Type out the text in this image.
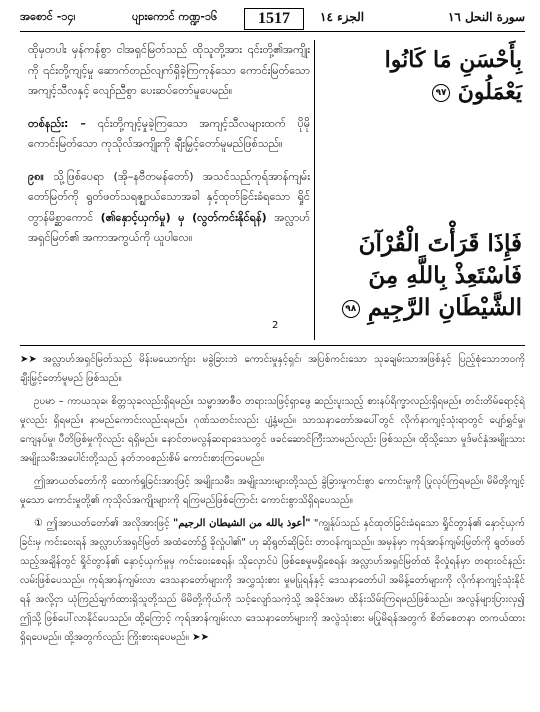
အစောင် -၁၄၊	ပျားကောင် ကဏ္ဍ-၁၆	1517	الجزء ١٤	سورة النحل ١٦

ထိုမှတပါး မှန်ကန်စွာ ငါအရှင်မြတ်သည် ထိုသူတို့အား ၎င်းတို့၏အကျိုးကို ၎င်းတို့ကျင့်မှု ဆောက်တည်လျက်ရှိခဲ့ကြကုန်သော ကောင်းမြတ်သော အကျင့်သီလနှင့် လျော်ညီစွာ ပေးဆပ်တော်မူပေမည်။

တစ်နည်း: – ၎င်းတို့ကျင့်မှုခဲ့ကြသော အကျင့်သီလများထက် ပိုမိုကောင်းမြတ်သော ကုသိုလ်အကျိုးကို ချီးမြှင့်တော်မူမည်ဖြစ်သည်။

၉၈။ သို့ဖြစ်ပေရာ (အို–နဗီတမန်တော်) အသင်သည်ကုရ်အာန်ကျမ်းတော်မြတ်ကို ရွတ်ဖတ်သရဇ္ဈာယ်သောအခါ နှင့်ထုတ်ခြင်းခံရသော ရှိုင်တွာန်မိစ္ဆာကောင် (၏နှောင့်ယှက်မှု) မှ (လွတ်ကင်းနိုင်ရန်) အလ္လာဟ်အရှင်မြတ်၏ အကာအကွယ်ကို ယူပါလေ။

بِأَحْسَنِ مَا كَانُوا
يَعْمَلُونَ ٩٧
فَإِذَا قَرَأْتَ الْقُرْآنَ
فَاسْتَعِذْ بِاللَّهِ مِنَ
الشَّيْطَانِ الرَّجِيمِ ٩٨
2

➤➤ အလ္လာဟ်အရှင်မြတ်သည် မိန်းမယောက်ျား မခွဲခြားဘဲ ကောင်းမှုနှင့်ရှင်၊ အပြစ်ကင်းသော သုခချမ်းသာအဖြစ်နှင့် ပြည့်စုံသောဘဝကို ချီးမြှင့်တော်မူမည် ဖြစ်သည်။

ဥပမာ – ကာယသုခ၊ စိတ္တသုခလည်းရှိရမည်။ သမ္မာအာဇီဝ တရားသဖြင့်ရှာဖွေ ဆည်းပူးသည့် စားနပ်ရိက္ခာလည်းရှိရမည်။ တင်းတိမ်ရောင့်ရဲမှုလည်း ရှိရမည်။ နာမည်ကောင်းလည်းရမည်။ ဂုဏ်သတင်းလည်း ပျံ့နှံ့မည်။ သာသနာတော်အပေါ်တွင် လိုက်နာကျင့်သုံးရာတွင် ပျော်ရွှင်မှု၊ ကျေနပ်မှု၊ ပီတိဖြစ်မှုကိုလည်း ရရှိမည်။ နောင်တမလွန်ဆရာဒေသတွင် ဖခင်ဆောင်ကြီးသာမည်လည်း ဖြစ်သည်။ ထိုသို့သော မှုဒ်မင်နှံအမျိုးသား အမျိုးသမီးအပေါင်းတို့သည် နတ်ဘဝစည်းစိမ် ကောင်းစားကြပေမည်။

ဤအာယတ်တော်ကို ထောက်ရှုခြင်းအားဖြင့် အမျိုးသမီး၊ အမျိုးသားများတို့သည် ခွဲခြားမှုကင်းစွာ ကောင်းမှုကို ပြုလုပ်ကြရမည်။ မိမိတို့ကျင့်မှုသော ကောင်းမှုတို့၏ ကုသိုလ်အကျိုးများကို ရကြမည်ဖြစ်ကြောင်း ကောင်းစွာသိရှိရပေသည်။

① ဤအာယတ်တော်၏ အလိုအားဖြင့် "أعوذ بالله من الشيطان الرجيم" "ကျွန်ုပ်သည် နှင်ထုတ်ခြင်းခံရသော ရှိုင်တွာန်၏ နှောင့်ယှက်ခြင်းမှ ကင်းဝေးရန် အလ္လာဟ်အရှင်မြတ် အထံတော်၌ ခိုလှုံပါ၏" ဟု ဆိုရွတ်ဆိုခြင်း တာဝန်ကျသည်။ အမှန်မှာ ကုရ်အာန်ကျမ်းမြတ်ကို ရွတ်ဖတ်သည့်အချိန်တွင် ရှိုင်တွာန်၏ နှောင့်ယှက်မှုမှ ကင်းဝေးစေရန်၊ သိုလှောင်ပဲ ဖြစ်စေမှုမရှိစေရန်၊ အလ္လာဟ်အရှင်မြတ်ထံ ခိုလှုံရန်မှာ တရားဝင်နည်းလမ်းဖြစ်ပေသည်။ ကုရ်အာန်ကျမ်းလာ ဒေသနာတော်များကို အလွှသုံးစား မှုမပြုရန်နှင့် ဒေသနာတော်ပါ အမိန့်တော်များကို လိုက်နာကျင့်သုံးနိုင်ရန် အလို့ငှာ ယုံကြည်ချက်ထားရှိသူတို့သည် မိမိတို့ကိုယ်ကို သင့်လျော်သကဲ့သို့ အခိုင်အမာ ထိန်းသိမ်းကြရမည်ဖြစ်သည်။ အလွန်များပြားလှ၍ ဤသို့ ဖြစ်ပေါ်လာနိုင်ပေသည်။ ထို့ကြောင့် ကုရ်အာန်ကျမ်းလာ ဒေသနာတော်များကို အလွဲသုံးစား မပြုမိရန်အတွက် စိတ်စေတနာ တကယ်ထားရှိရပေမည်။ ထို့အတွက်လည်း ကြိုးစားရပေမည်။ ➤➤
